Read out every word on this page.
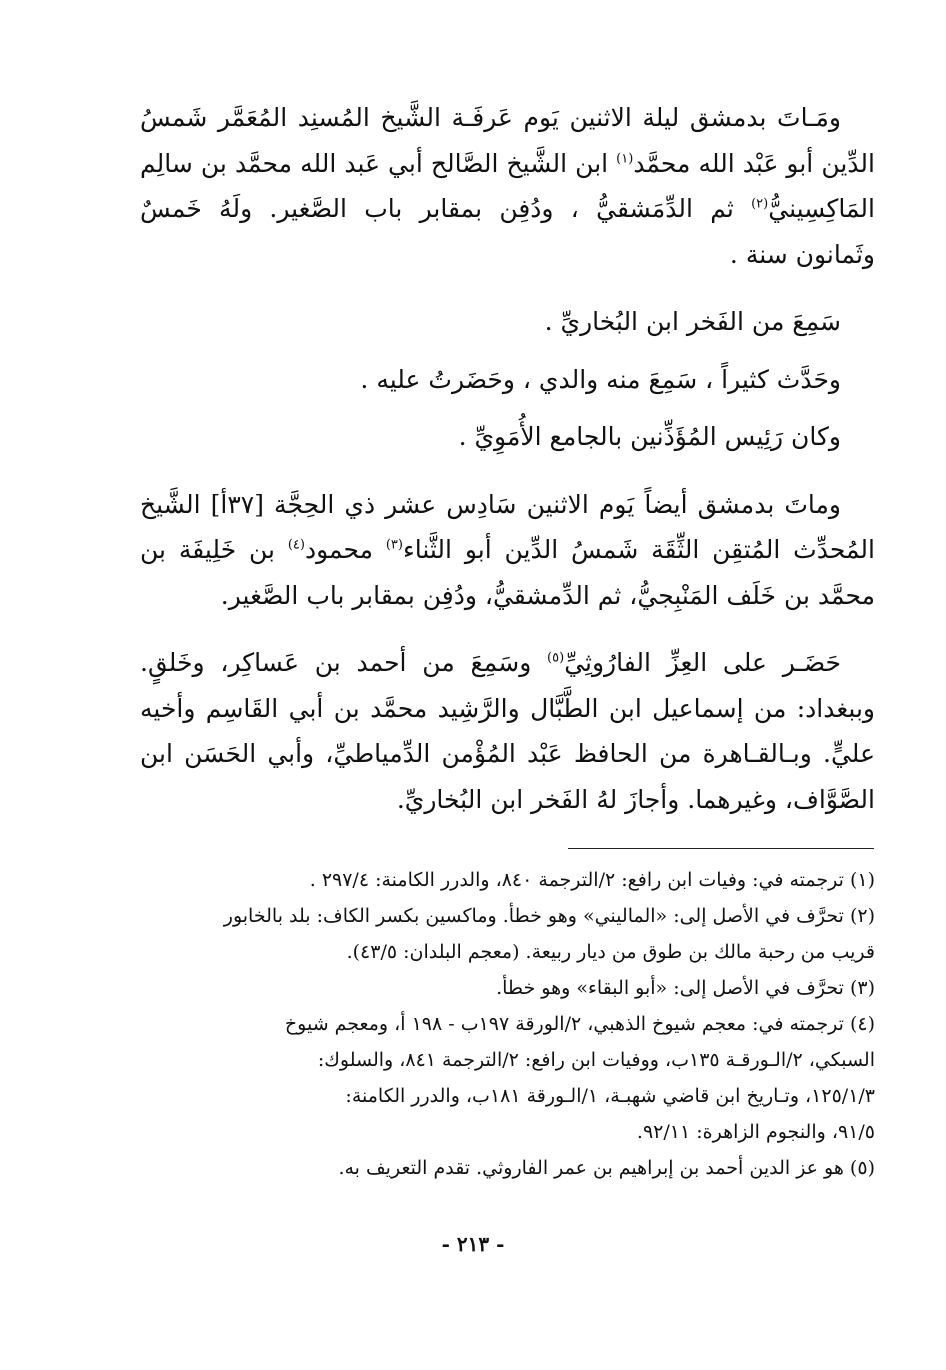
ومَـاتَ بدمشق ليلة الاثنين يَوم عَرفَـة الشَّيخ المُسنِد المُعَمَّر شَمسُ الدِّين أبو عَبْد الله محمَّد$^{(١)}$ ابن الشَّيخ الصَّالح أبي عَبد الله محمَّد بن سالِم المَاكِسِينيُّ$^{(٢)}$ ثم الدِّمَشقيُّ ، ودُفِن بمقابر باب الصَّغير. ولَهُ خَمسٌ وثَمانون سنة .

سَمِعَ من الفَخر ابن البُخاريِّ .

وحَدَّث كثيراً ، سَمِعَ منه والدي ، وحَضَرتُ عليه .

وكان رَئِيس المُؤَذِّنين بالجامع الأُمَوِيِّ .

وماتَ بدمشق أيضاً يَوم الاثنين سَادِس عشر ذي الحِجَّة [٣٧أ] الشَّيخ المُحدِّث المُتقِن الثِّقَة شَمسُ الدِّين أبو الثَّناء$^{(٣)}$ محمود$^{(٤)}$ بن خَلِيفَة بن محمَّد بن خَلَف المَنْبِجيُّ، ثم الدِّمشقيُّ، ودُفِن بمقابر باب الصَّغير.

حَضَـر على العِزِّ الفارُوثِيِّ$^{(٥)}$ وسَمِعَ من أحمد بن عَساكِر، وخَلقٍ. وببغداد: من إسماعيل ابن الطَّبَّال والرَّشِيد محمَّد بن أبي القَاسِم وأخيه عليٍّ. وبـالقـاهرة من الحافظ عَبْد المُؤْمن الدِّمياطيِّ، وأبي الحَسَن ابن الصَّوَّاف، وغيرهما. وأجازَ لهُ الفَخر ابن البُخاريِّ.

(١) ترجمته في: وفيات ابن رافع: ٢/الترجمة ٨٤٠، والدرر الكامنة: ٢٩٧/٤ .

(٢) تحرَّف في الأصل إلى: «الماليني» وهو خطأ. وماكسين بكسر الكاف: بلد بالخابور

قريب من رحبة مالك بن طوق من ديار ربيعة. (معجم البلدان: ٤٣/٥).

(٣) تحرَّف في الأصل إلى: «أبو البقاء» وهو خطأ.

(٤) ترجمته في: معجم شيوخ الذهبي، ٢/الورقة ١٩٧ب - ١٩٨ أ، ومعجم شيوخ

السبكي، ٢/الـورقـة ١٣٥ب، ووفيات ابن رافع: ٢/الترجمة ٨٤١، والسلوك:

١٢٥/١/٣، وتـاريخ ابن قاضي شهبـة، ١/الـورقة ١٨١ب، والدرر الكامنة:

٩١/٥، والنجوم الزاهرة: ٩٢/١١.

(٥) هو عز الدين أحمد بن إبراهيم بن عمر الفاروثي. تقدم التعريف به.

- ٢١٣ -
